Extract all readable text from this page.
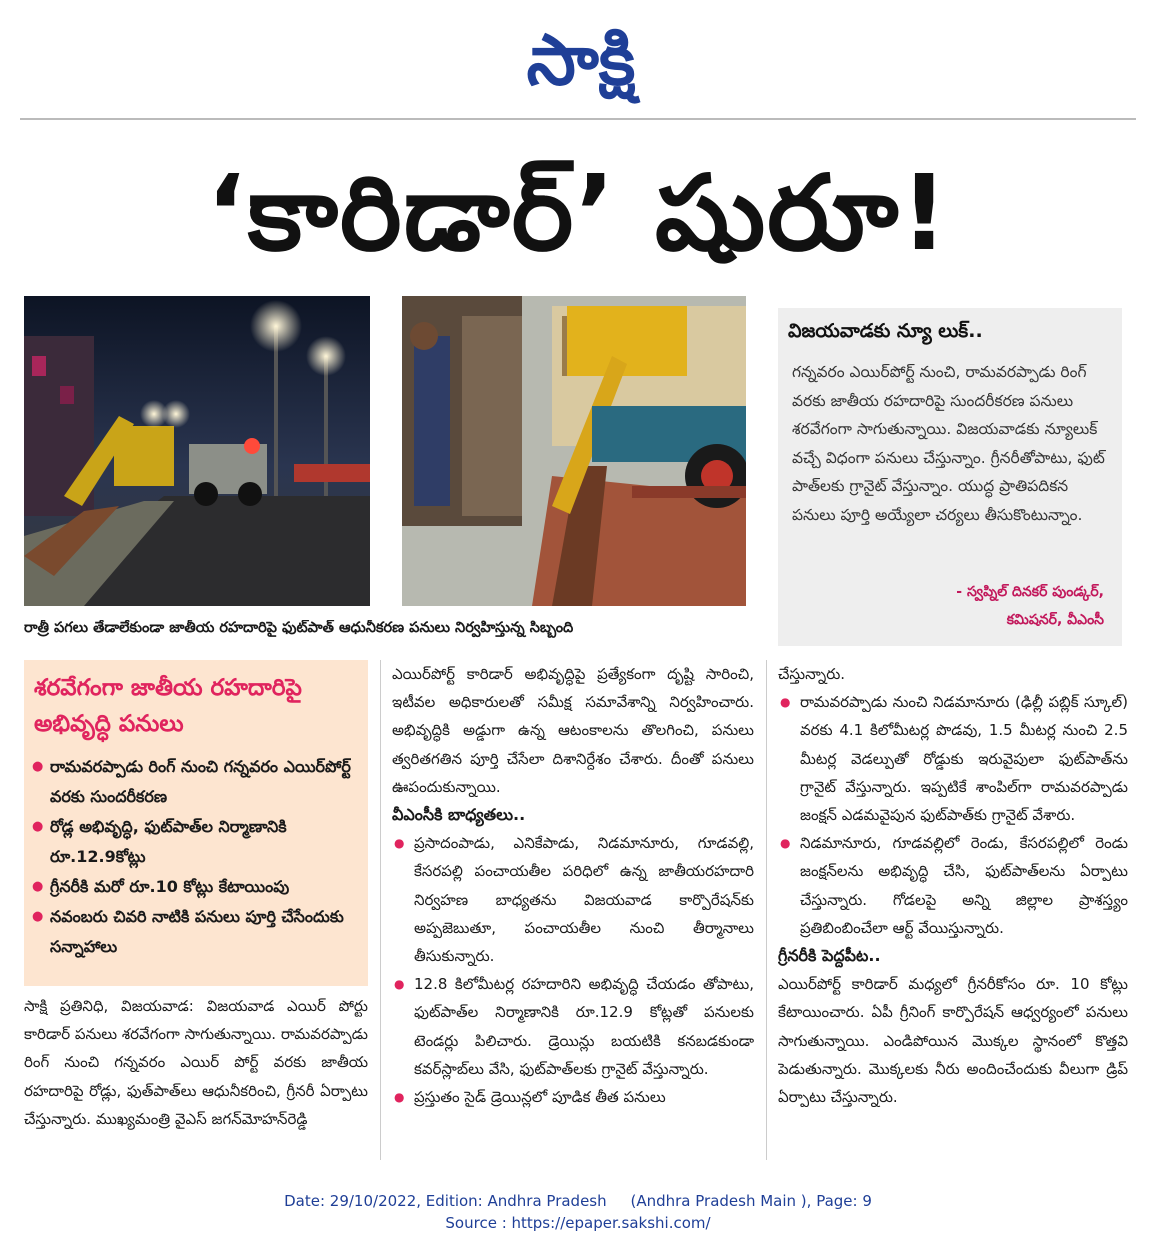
సాక్షి
‘కారిడార్’ షురూ!
రాత్రీ పగలు తేడాలేకుండా జాతీయ రహదారిపై ఫుట్‌పాత్ ఆధునీకరణ పనులు నిర్వహిస్తున్న సిబ్బంది
విజయవాడకు న్యూ లుక్..
గన్నవరం ఎయిర్‌పోర్ట్ నుంచి, రామవరప్పాడు రింగ్ వరకు జాతీయ రహదారిపై సుందరీకరణ పనులు శరవేగంగా సాగుతున్నాయి. విజయవాడకు న్యూలుక్ వచ్చే విధంగా పనులు చేస్తున్నాం. గ్రీనరీతోపాటు, ఫుట్ పాత్‌లకు గ్రానైట్ వేస్తున్నాం. యుద్ధ ప్రాతిపదికన పనులు పూర్తి అయ్యేలా చర్యలు తీసుకొంటున్నాం.
- స్వప్నిల్ దినకర్ పుండ్కర్,
కమిషనర్, వీఎంసీ
శరవేగంగా జాతీయ రహదారిపై అభివృద్ధి పనులు
● రామవరప్పాడు రింగ్ నుంచి గన్నవరం ఎయిర్‌పోర్ట్ వరకు సుందరీకరణ
● రోడ్ల అభివృద్ధి, ఫుట్‌పాత్‌ల నిర్మాణానికి రూ.12.9కోట్లు
● గ్రీనరీకి మరో రూ.10 కోట్లు కేటాయింపు
● నవంబరు చివరి నాటికి పనులు పూర్తి చేసేందుకు సన్నాహాలు

సాక్షి ప్రతినిధి, విజయవాడ: విజయవాడ ఎయిర్ పోర్టు కారిడార్ పనులు శరవేగంగా సాగుతున్నాయి. రామవరప్పాడు రింగ్ నుంచి గన్నవరం ఎయిర్ పోర్ట్ వరకు జాతీయ రహదారిపై రోడ్లు, ఫుత్‌పాత్‌లు ఆధునీకరించి, గ్రీనరీ ఏర్పాటు చేస్తున్నారు. ముఖ్యమంత్రి వైఎస్ జగన్‌మోహన్‌రెడ్డి

ఎయిర్‌పోర్ట్ కారిడార్ అభివృద్ధిపై ప్రత్యేకంగా దృష్టి సారించి, ఇటీవల అధికారులతో సమీక్ష సమావేశాన్ని నిర్వహించారు. అభివృద్ధికి అడ్డుగా ఉన్న ఆటంకాలను తొలగించి, పనులు త్వరితగతిన పూర్తి చేసేలా దిశానిర్దేశం చేశారు. దీంతో పనులు ఊపందుకున్నాయి.

వీఎంసీకి బాధ్యతలు..

● ప్రసాదంపాడు, ఎనికేపాడు, నిడమానూరు, గూడవల్లి, కేసరపల్లి పంచాయతీల పరిధిలో ఉన్న జాతీయరహదారి నిర్వహణ బాధ్యతను విజయవాడ కార్పొరేషన్‌కు అప్పజెబుతూ, పంచాయతీల నుంచి తీర్మానాలు తీసుకున్నారు.

● 12.8 కిలోమీటర్ల రహదారిని అభివృద్ధి చేయడం తోపాటు, ఫుట్‌పాత్‌ల నిర్మాణానికి రూ.12.9 కోట్లతో పనులకు టెండర్లు పిలిచారు. డ్రెయిన్లు బయటికి కనబడకుండా కవర్‌స్లాబ్‌లు వేసి, ఫుట్‌పాత్‌లకు గ్రానైట్ వేస్తున్నారు.

● ప్రస్తుతం సైడ్ డ్రెయిన్లలో పూడిక తీత పనులు

చేస్తున్నారు.

● రామవరప్పాడు నుంచి నిడమానూరు (ఢిల్లీ పబ్లిక్ స్కూల్) వరకు 4.1 కిలోమీటర్ల పొడవు, 1.5 మీటర్ల నుంచి 2.5 మీటర్ల వెడల్పుతో రోడ్డుకు ఇరువైపులా ఫుట్‌పాత్‌ను గ్రానైట్ వేస్తున్నారు. ఇప్పటికే శాంపిల్‌గా రామవరప్పాడు జంక్షన్ ఎడమవైపున ఫుట్‌పాత్‌కు గ్రానైట్ వేశారు.

● నిడమానూరు, గూడవల్లిలో రెండు, కేసరపల్లిలో రెండు జంక్షన్‌లను అభివృద్ధి చేసి, ఫుట్‌పాత్‌లను ఏర్పాటు చేస్తున్నారు. గోడలపై అన్ని జిల్లాల ప్రాశస్త్యం ప్రతిబింబించేలా ఆర్ట్ వేయిస్తున్నారు.

గ్రీనరీకి పెద్దపీట..

ఎయిర్‌పోర్ట్ కారిడార్ మధ్యలో గ్రీనరీకోసం రూ. 10 కోట్లు కేటాయించారు. ఏపీ గ్రీనింగ్ కార్పొరేషన్ ఆధ్వర్యంలో పనులు సాగుతున్నాయి. ఎండిపోయిన మొక్కల స్థానంలో కొత్తవి పెడుతున్నారు. మొక్కలకు నీరు అందించేందుకు వీలుగా డ్రిప్ ఏర్పాటు చేస్తున్నారు.

Date: 29/10/2022, Edition: Andhra Pradesh     (Andhra Pradesh Main ), Page: 9
Source : https://epaper.sakshi.com/
